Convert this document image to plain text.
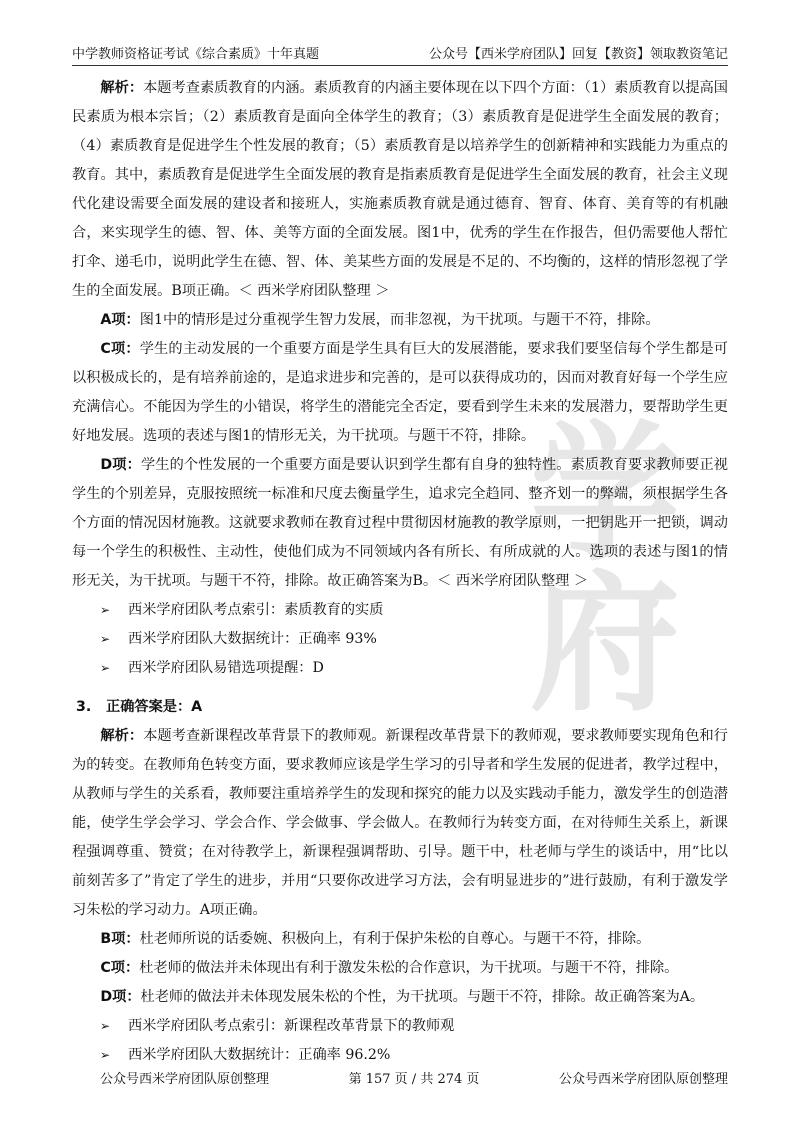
中学教师资格证考试《综合素质》十年真题	公众号【西米学府团队】回复【教资】领取教资笔记
学府

解析：本题考查素质教育的内涵。素质教育的内涵主要体现在以下四个方面：（1）素质教育以提高国民素质为根本宗旨；（2）素质教育是面向全体学生的教育；（3）素质教育是促进学生全面发展的教育；（4）素质教育是促进学生个性发展的教育；（5）素质教育是以培养学生的创新精神和实践能力为重点的教育。其中，素质教育是促进学生全面发展的教育是指素质教育是促进学生全面发展的教育，社会主义现代化建设需要全面发展的建设者和接班人，实施素质教育就是通过德育、智育、体育、美育等的有机融合，来实现学生的德、智、体、美等方面的全面发展。图1中，优秀的学生在作报告，但仍需要他人帮忙打伞、递毛巾，说明此学生在德、智、体、美某些方面的发展是不足的、不均衡的，这样的情形忽视了学生的全面发展。B项正确。＜ 西米学府团队整理 ＞

A项：图1中的情形是过分重视学生智力发展，而非忽视，为干扰项。与题干不符，排除。

C项：学生的主动发展的一个重要方面是学生具有巨大的发展潜能，要求我们要坚信每个学生都是可以积极成长的，是有培养前途的，是追求进步和完善的，是可以获得成功的，因而对教育好每一个学生应充满信心。不能因为学生的小错误，将学生的潜能完全否定，要看到学生未来的发展潜力，要帮助学生更好地发展。选项的表述与图1的情形无关，为干扰项。与题干不符，排除。

D项：学生的个性发展的一个重要方面是要认识到学生都有自身的独特性。素质教育要求教师要正视学生的个别差异，克服按照统一标准和尺度去衡量学生，追求完全趋同、整齐划一的弊端，须根据学生各个方面的情况因材施教。这就要求教师在教育过程中贯彻因材施教的教学原则，一把钥匙开一把锁，调动每一个学生的积极性、主动性，使他们成为不同领域内各有所长、有所成就的人。选项的表述与图1的情形无关，为干扰项。与题干不符，排除。故正确答案为B。＜ 西米学府团队整理 ＞

➢	西米学府团队考点索引：素质教育的实质
➢	西米学府团队大数据统计：正确率 93%
➢	西米学府团队易错选项提醒：D
3.	正确答案是：A

解析：本题考查新课程改革背景下的教师观。新课程改革背景下的教师观，要求教师要实现角色和行为的转变。在教师角色转变方面，要求教师应该是学生学习的引导者和学生发展的促进者，教学过程中，从教师与学生的关系看，教师要注重培养学生的发现和探究的能力以及实践动手能力，激发学生的创造潜能，使学生学会学习、学会合作、学会做事、学会做人。在教师行为转变方面，在对待师生关系上，新课程强调尊重、赞赏；在对待教学上，新课程强调帮助、引导。题干中，杜老师与学生的谈话中，用“比以前刻苦多了”肯定了学生的进步，并用“只要你改进学习方法，会有明显进步的”进行鼓励，有利于激发学习朱松的学习动力。A项正确。

B项：杜老师所说的话委婉、积极向上，有利于保护朱松的自尊心。与题干不符，排除。

C项：杜老师的做法并未体现出有利于激发朱松的合作意识，为干扰项。与题干不符，排除。

D项：杜老师的做法并未体现发展朱松的个性，为干扰项。与题干不符，排除。故正确答案为A。

➢	西米学府团队考点索引：新课程改革背景下的教师观
➢	西米学府团队大数据统计：正确率 96.2%
公众号西米学府团队原创整理	第 157 页 / 共 274 页	公众号西米学府团队原创整理
